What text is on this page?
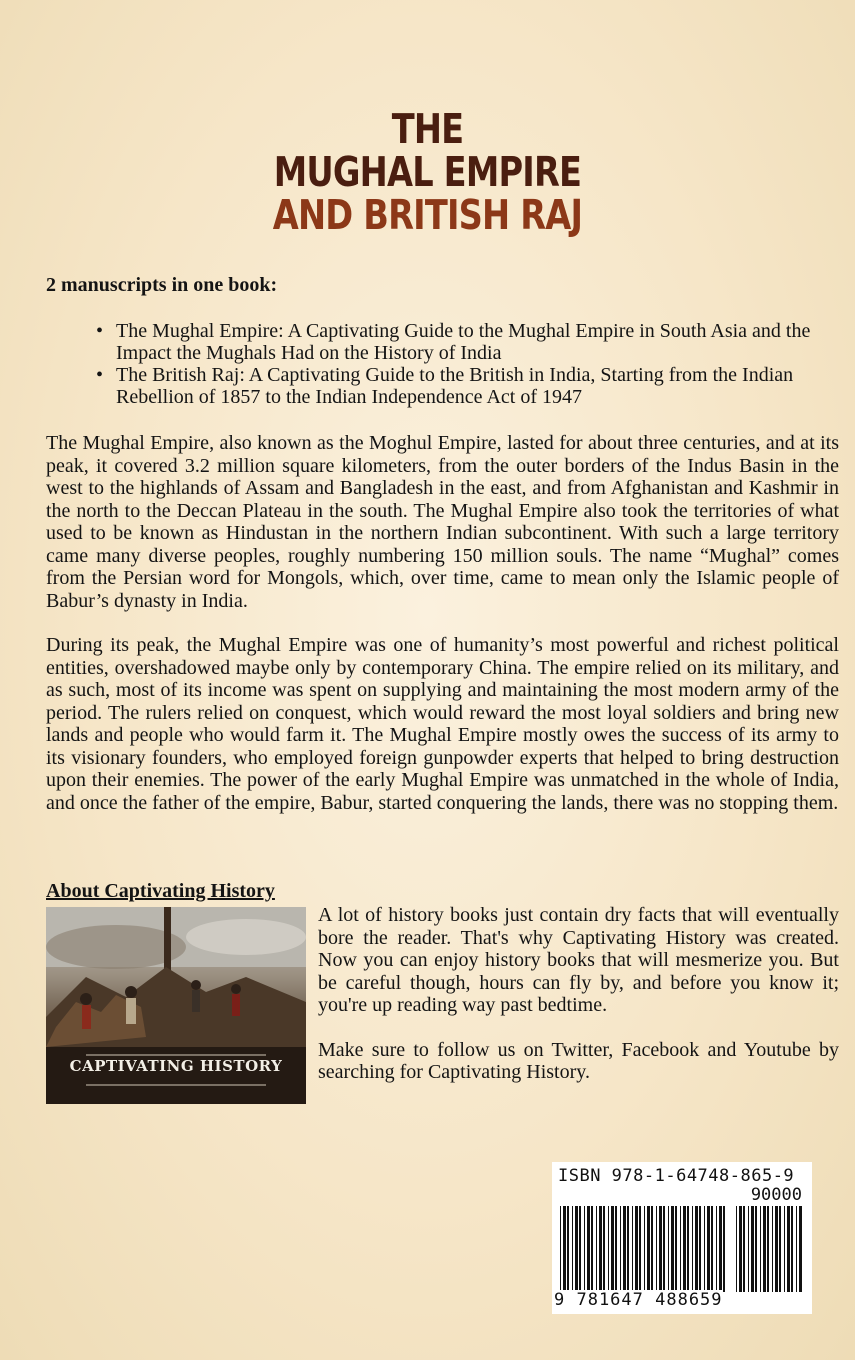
THE
MUGHAL EMPIRE
AND BRITISH RAJ
2 manuscripts in one book:
• The Mughal Empire: A Captivating Guide to the Mughal Empire in South Asia and the Impact the Mughals Had on the History of India
• The British Raj: A Captivating Guide to the British in India, Starting from the Indian Rebellion of 1857 to the Indian Independence Act of 1947

The Mughal Empire, also known as the Moghul Empire, lasted for about three centuries, and at its peak, it covered 3.2 million square kilometers, from the outer borders of the Indus Basin in the west to the highlands of Assam and Bangladesh in the east, and from Afghanistan and Kashmir in the north to the Deccan Plateau in the south. The Mughal Empire also took the territories of what used to be known as Hindustan in the northern Indian subcontinent. With such a large territory came many diverse peoples, roughly numbering 150 million souls. The name “Mughal” comes from the Persian word for Mongols, which, over time, came to mean only the Islamic people of Babur’s dynasty in India.

During its peak, the Mughal Empire was one of humanity’s most powerful and richest political entities, overshadowed maybe only by contemporary China. The empire relied on its military, and as such, most of its income was spent on supplying and maintaining the most modern army of the period. The rulers relied on conquest, which would reward the most loyal soldiers and bring new lands and people who would farm it. The Mughal Empire mostly owes the success of its army to its visionary founders, who employed foreign gunpowder experts that helped to bring destruction upon their enemies. The power of the early Mughal Empire was unmatched in the whole of India, and once the father of the empire, Babur, started conquering the lands, there was no stopping them.

About Captivating History
CAPTIVATING HISTORY

A lot of history books just contain dry facts that will eventually bore the reader. That's why Captivating History was created. Now you can enjoy history books that will mesmerize you. But be careful though, hours can fly by, and before you know it; you're up reading way past bedtime.

Make sure to follow us on Twitter, Facebook and Youtube by searching for Captivating History.

ISBN 978-1-64748-865-9
90000
9 781647 488659
